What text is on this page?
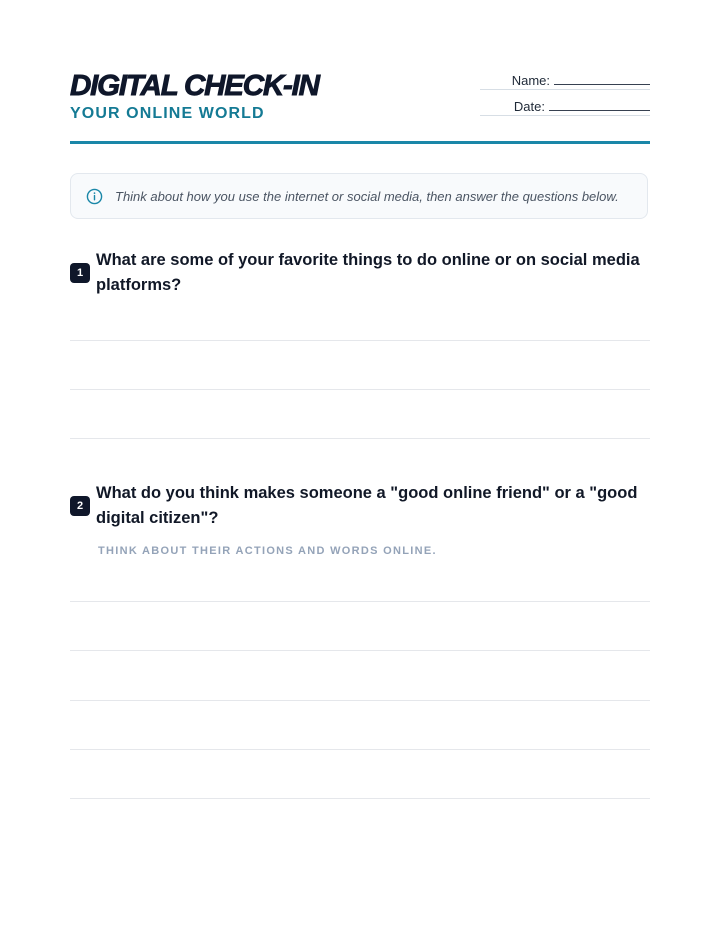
DIGITAL CHECK-IN
YOUR ONLINE WORLD
Name:
Date:
Think about how you use the internet or social media, then answer the questions below.
1

What are some of your favorite things to do online or on social media platforms?

2

What do you think makes someone a "good online friend" or a "good digital citizen"?

THINK ABOUT THEIR ACTIONS AND WORDS ONLINE.
